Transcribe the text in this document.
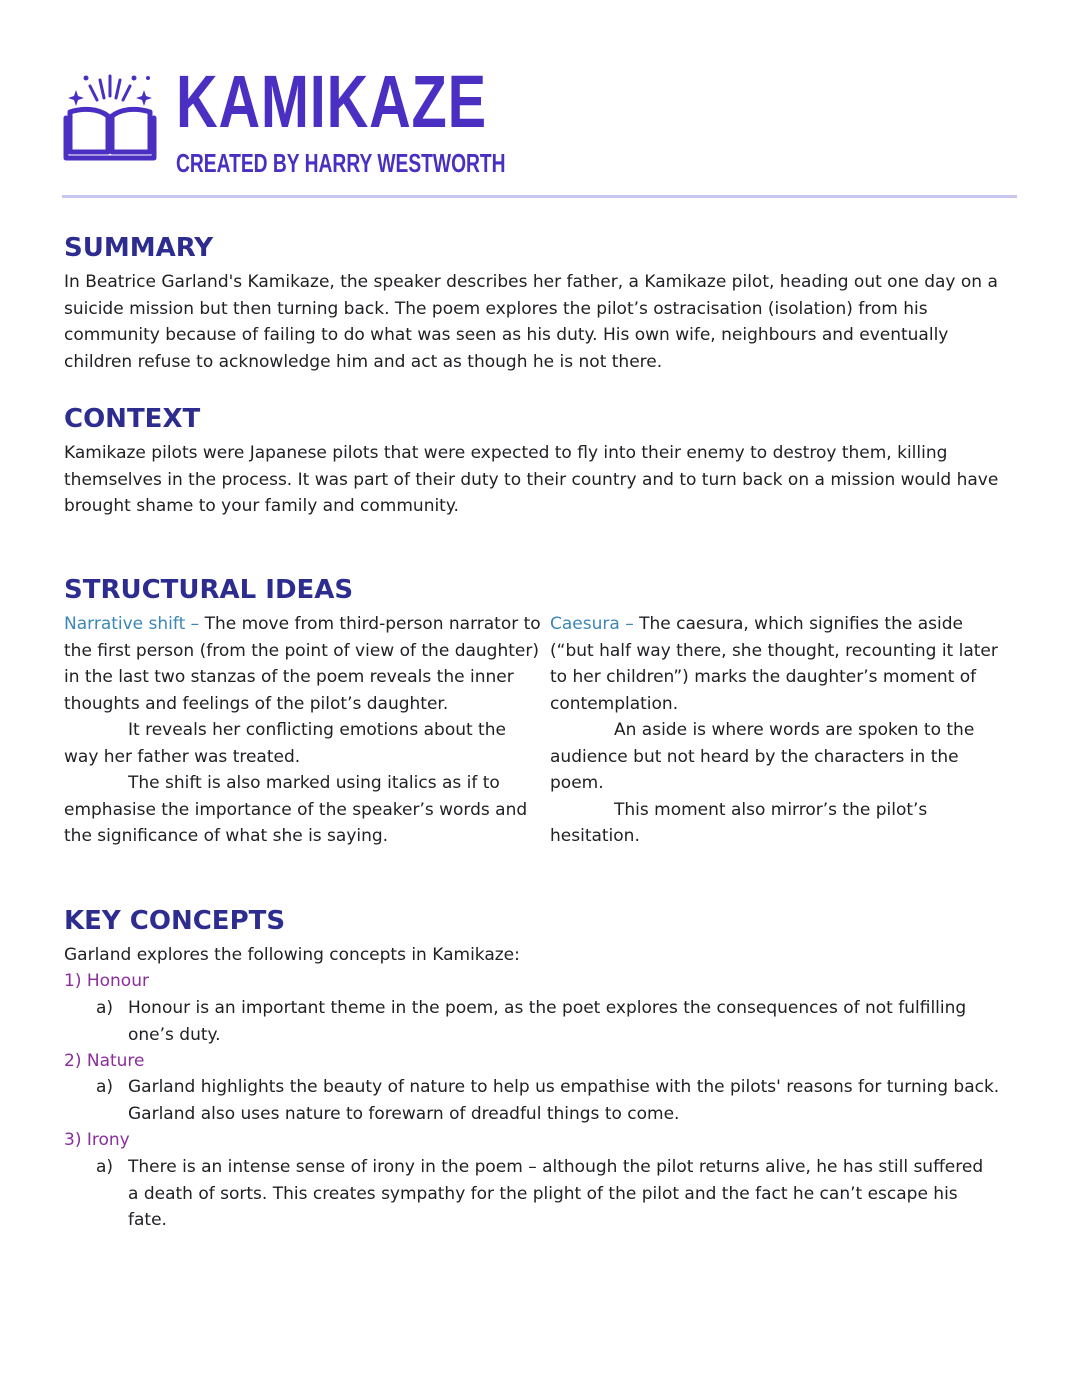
KAMIKAZE
CREATED BY HARRY WESTWORTH
SUMMARY

In Beatrice Garland's Kamikaze, the speaker describes her father, a Kamikaze pilot, heading out one day on a suicide mission but then turning back. The poem explores the pilot’s ostracisation (isolation) from his community because of failing to do what was seen as his duty. His own wife, neighbours and eventually children refuse to acknowledge him and act as though he is not there.

CONTEXT

Kamikaze pilots were Japanese pilots that were expected to fly into their enemy to destroy them, killing themselves in the process. It was part of their duty to their country and to turn back on a mission would have brought shame to your family and community.

STRUCTURAL IDEAS
Narrative shift – The move from third-person narrator to the first person (from the point of view of the daughter) in the last two stanzas of the poem reveals the inner thoughts and feelings of the pilot’s daughter.
It reveals her conflicting emotions about the way her father was treated.
The shift is also marked using italics as if to emphasise the importance of the speaker’s words and the significance of what she is saying.
Caesura – The caesura, which signifies the aside (“but half way there, she thought, recounting it later to her children”) marks the daughter’s moment of contemplation.
An aside is where words are spoken to the audience but not heard by the characters in the poem.
This moment also mirror’s the pilot’s hesitation.
KEY CONCEPTS
Garland explores the following concepts in Kamikaze:
1) Honour
a) Honour is an important theme in the poem, as the poet explores the consequences of not fulfilling one’s duty.
2) Nature
a) Garland highlights the beauty of nature to help us empathise with the pilots' reasons for turning back. Garland also uses nature to forewarn of dreadful things to come.
3) Irony
a) There is an intense sense of irony in the poem – although the pilot returns alive, he has still suffered a death of sorts. This creates sympathy for the plight of the pilot and the fact he can’t escape his fate.
